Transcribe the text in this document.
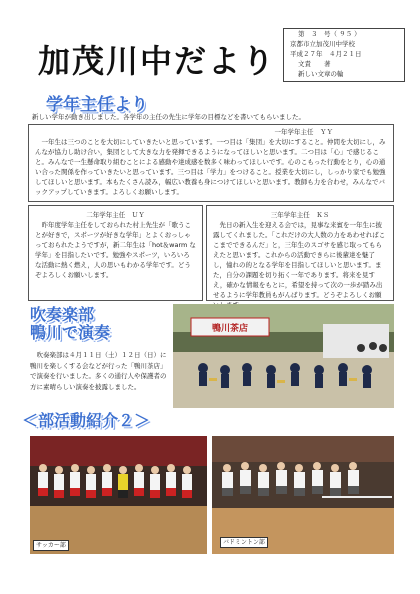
加茂川中だより
第　３　号（ ９５ ）
京都市立加茂川中学校
平成２７年　４月２１日
文責　　著
新しい文章の輪
学年主任より
新しい学年が動き出しました。各学年の主任の先生に学年の目標などを書いてもらいました。
一年学年主任　ＹＹ

一年生は三つのことを大切にしていきたいと思っています。一つ目は「集団」を大切にすること。仲間を大切にし，みんなが協力し助け合い，集団として大きな力を発揮できるようになってほしいと思います。二つ目は「心」で感じること。みんなで一生懸命取り組むことによる感動や達成感を数多く味わってほしいです。心のこもった行動をとり，心の通い合った関係を作っていきたいと思っています。三つ目は「学力」をつけること。授業を大切にし，しっかり家でも勉強してほしいと思います。本もたくさん読み，幅広い教養も身につけてほしいと思います。教師も力を合わせ，みんなでバックアップしていきます。よろしくお願いします。

二年学年主任　ＵＹ

昨年度学年主任をしておられた村上先生が「歌うことが好きで，スポーツが好きな学年」とよくおっしゃっておられたようですが，新二年生は「hot＆warm な学年」を目指したいです。勉強やスポーツ，いろいろな活動に熱く燃え，人の思いもわかる学年です。どうぞよろしくお願いします。

三年学年主任　ＫＳ

先日の新入生を迎える会では，見事な来賓を一年生に披露してくれました。「これだけの大人数の力をあわせればここまでできるんだ」と，三年生のスゴサを感じ取ってもらえたと思います。これからの活動できらに後輩達を魅了し，憧れの的となる学年を目指してほしいと思います。また，自分の課題を切り拓く一年であります。将来を見すえ，確かな情報をもとに，希望を持って次の一歩が踏み出せるように学年教員もがんばります。どうぞよろしくお願

吹奏楽部
鴨川で演奏

吹奏楽部は４月１１日（土）１２日（日）に鴨川を楽しくする会などが行った「鴨川茶店」で演奏を行いました。多くの通行人や保護者の方に素晴らしい演奏を披露しました。

鴨川茶店
＜部活動紹介２＞
サッカー部	バドミントン部
